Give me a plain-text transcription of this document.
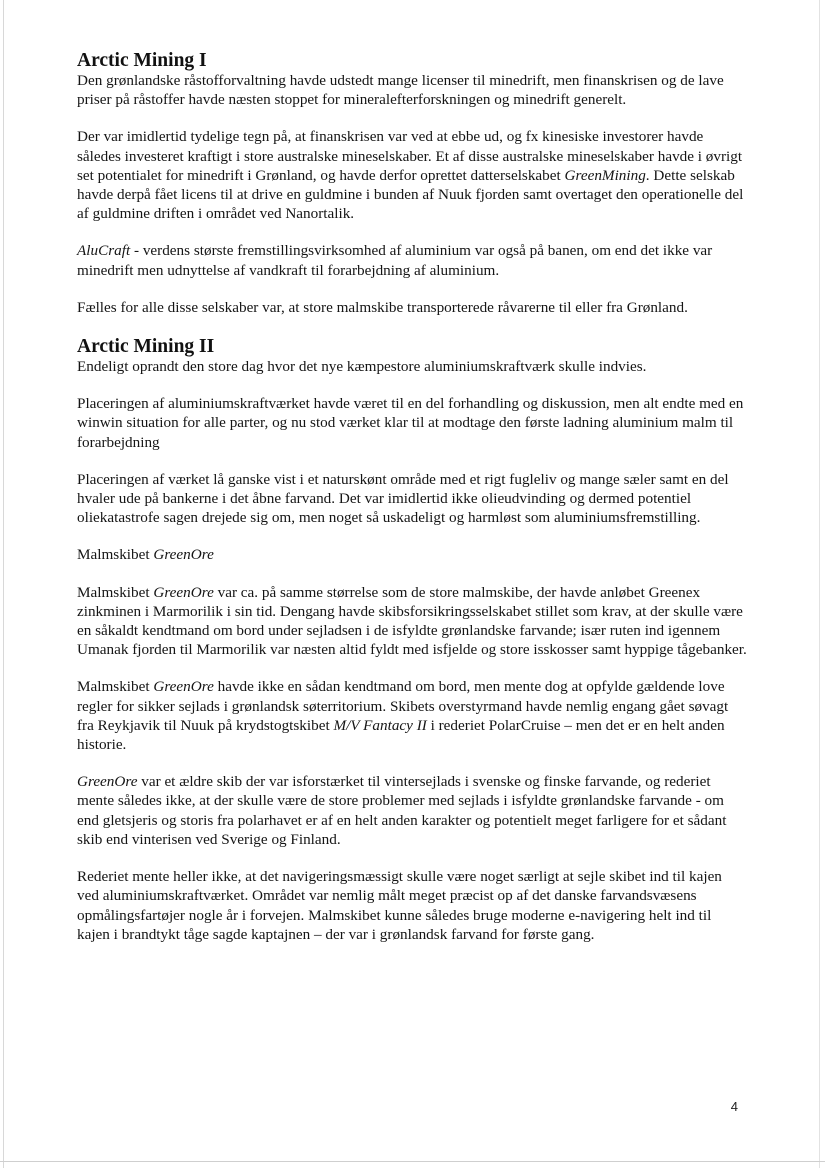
Arctic Mining I

Den grønlandske råstofforvaltning havde udstedt mange licenser til minedrift, men finanskrisen og de lave priser på råstoffer havde næsten stoppet for mineralefterforskningen og minedrift generelt.

Der var imidlertid tydelige tegn på, at finanskrisen var ved at ebbe ud, og fx kinesiske investorer havde således investeret kraftigt i store australske mineselskaber. Et af disse australske mineselskaber havde i øvrigt set potentialet for minedrift i Grønland, og havde derfor oprettet datterselskabet GreenMining. Dette selskab havde derpå fået licens til at drive en guldmine i bunden af Nuuk fjorden samt overtaget den operationelle del af guldmine driften i området ved Nanortalik.

AluCraft - verdens største fremstillingsvirksomhed af aluminium var også på banen, om end det ikke var minedrift men udnyttelse af vandkraft til forarbejdning af aluminium.

Fælles for alle disse selskaber var, at store malmskibe transporterede råvarerne til eller fra Grønland.

Arctic Mining II

Endeligt oprandt den store dag hvor det nye kæmpestore aluminiumskraftværk skulle indvies.

Placeringen af aluminiumskraftværket havde været til en del forhandling og diskussion, men alt endte med en winwin situation for alle parter, og nu stod værket klar til at modtage den første ladning aluminium malm til forarbejdning

Placeringen af værket lå ganske vist i et naturskønt område med et rigt fugleliv og mange sæler samt en del hvaler ude på bankerne i det åbne farvand. Det var imidlertid ikke olieudvinding og dermed potentiel oliekatastrofe sagen drejede sig om, men noget så uskadeligt og harmløst som aluminiumsfremstilling.

Malmskibet GreenOre

Malmskibet GreenOre var ca. på samme størrelse som de store malmskibe, der havde anløbet Greenex zinkminen i Marmorilik i sin tid. Dengang havde skibsforsikringsselskabet stillet som krav, at der skulle være en såkaldt kendtmand om bord under sejladsen i de isfyldte grønlandske farvande; især ruten ind igennem Umanak fjorden til Marmorilik var næsten altid fyldt med isfjelde og store isskosser samt hyppige tågebanker.

Malmskibet GreenOre havde ikke en sådan kendtmand om bord, men mente dog at opfylde gældende love regler for sikker sejlads i grønlandsk søterritorium. Skibets overstyrmand havde nemlig engang gået søvagt fra Reykjavik til Nuuk på krydstogtskibet M/V Fantacy II i rederiet PolarCruise – men det er en helt anden historie.

GreenOre var et ældre skib der var isforstærket til vintersejlads i svenske og finske farvande, og rederiet mente således ikke, at der skulle være de store problemer med sejlads i isfyldte grønlandske farvande - om end gletsjeris og storis fra polarhavet er af en helt anden karakter og potentielt meget farligere for et sådant skib end vinterisen ved Sverige og Finland.

Rederiet mente heller ikke, at det navigeringsmæssigt skulle være noget særligt at sejle skibet ind til kajen ved aluminiumskraftværket. Området var nemlig målt meget præcist op af det danske farvandsvæsens opmålingsfartøjer nogle år i forvejen. Malmskibet kunne således bruge moderne e-navigering helt ind til kajen i brandtykt tåge sagde kaptajnen – der var i grønlandsk farvand for første gang.

4
